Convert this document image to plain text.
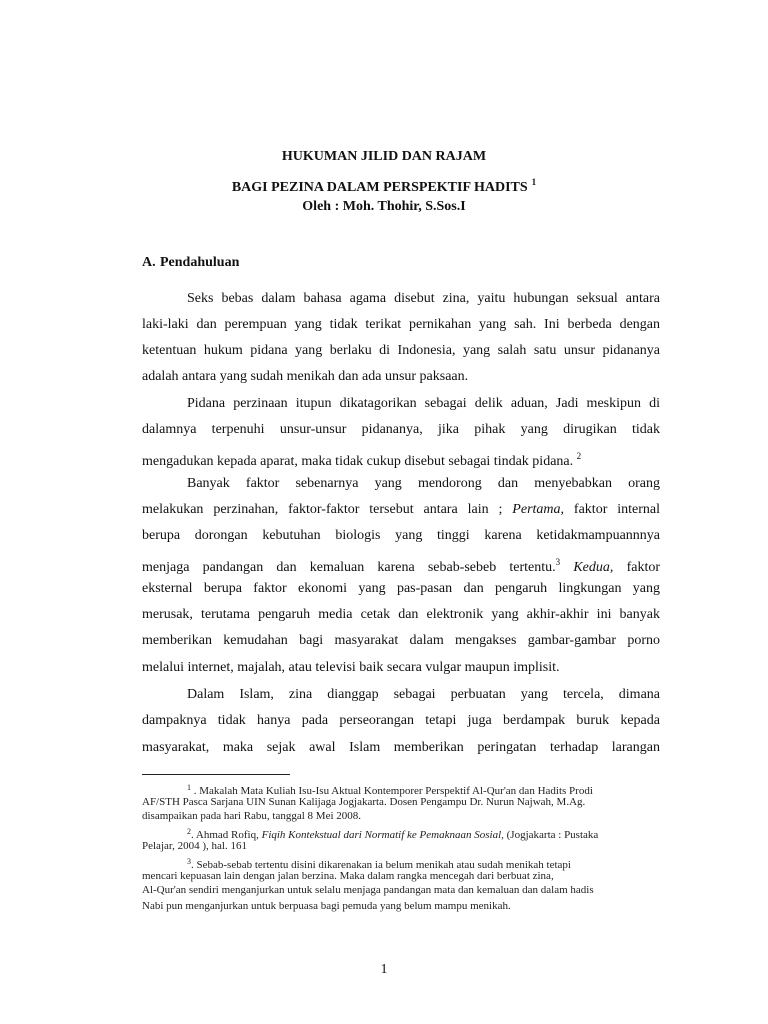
HUKUMAN JILID DAN RAJAM
BAGI PEZINA DALAM PERSPEKTIF HADITS $^1$
Oleh : Moh. Thohir, S.Sos.I
A. Pendahuluan
Seks bebas dalam bahasa agama disebut zina, yaitu hubungan seksual antara
laki-laki dan perempuan yang tidak terikat pernikahan yang sah. Ini berbeda dengan
ketentuan hukum pidana yang berlaku di Indonesia, yang salah satu unsur pidananya
adalah antara yang sudah menikah dan ada unsur paksaan.
Pidana perzinaan itupun dikatagorikan sebagai delik aduan, Jadi meskipun di
dalamnya terpenuhi unsur-unsur pidananya, jika pihak yang dirugikan tidak
mengadukan kepada aparat, maka tidak cukup disebut sebagai tindak pidana. $^2$
Banyak faktor sebenarnya yang mendorong dan menyebabkan orang
melakukan perzinahan, faktor-faktor tersebut antara lain ; Pertama, faktor internal
berupa dorongan kebutuhan biologis yang tinggi karena ketidakmampuannnya
menjaga pandangan dan kemaluan karena sebab-sebeb tertentu.$^3$ Kedua, faktor
eksternal berupa faktor ekonomi yang pas-pasan dan pengaruh lingkungan yang
merusak, terutama pengaruh media cetak dan elektronik yang akhir-akhir ini banyak
memberikan kemudahan bagi masyarakat dalam mengakses gambar-gambar porno
melalui internet, majalah, atau televisi baik secara vulgar maupun implisit.
Dalam Islam, zina dianggap sebagai perbuatan yang tercela, dimana
dampaknya tidak hanya pada perseorangan tetapi juga berdampak buruk kepada
masyarakat, maka sejak awal Islam memberikan peringatan terhadap larangan
$^1$ . Makalah Mata Kuliah Isu-Isu Aktual Kontemporer Perspektif Al-Qur'an dan Hadits Prodi
AF/STH Pasca Sarjana UIN Sunan Kalijaga Jogjakarta. Dosen Pengampu Dr. Nurun Najwah, M.Ag.
disampaikan pada hari Rabu, tanggal 8 Mei 2008.
$^2$. Ahmad Rofiq, Fiqih Kontekstual dari Normatif ke Pemaknaan Sosial, (Jogjakarta : Pustaka
Pelajar, 2004 ), hal. 161
$^3$. Sebab-sebab tertentu disini dikarenakan ia belum menikah atau sudah menikah tetapi
mencari kepuasan lain dengan jalan berzina. Maka dalam rangka mencegah dari berbuat zina,
Al-Qur'an sendiri menganjurkan untuk selalu menjaga pandangan mata dan kemaluan dan dalam hadis
Nabi pun menganjurkan untuk berpuasa bagi pemuda yang belum mampu menikah.
1
